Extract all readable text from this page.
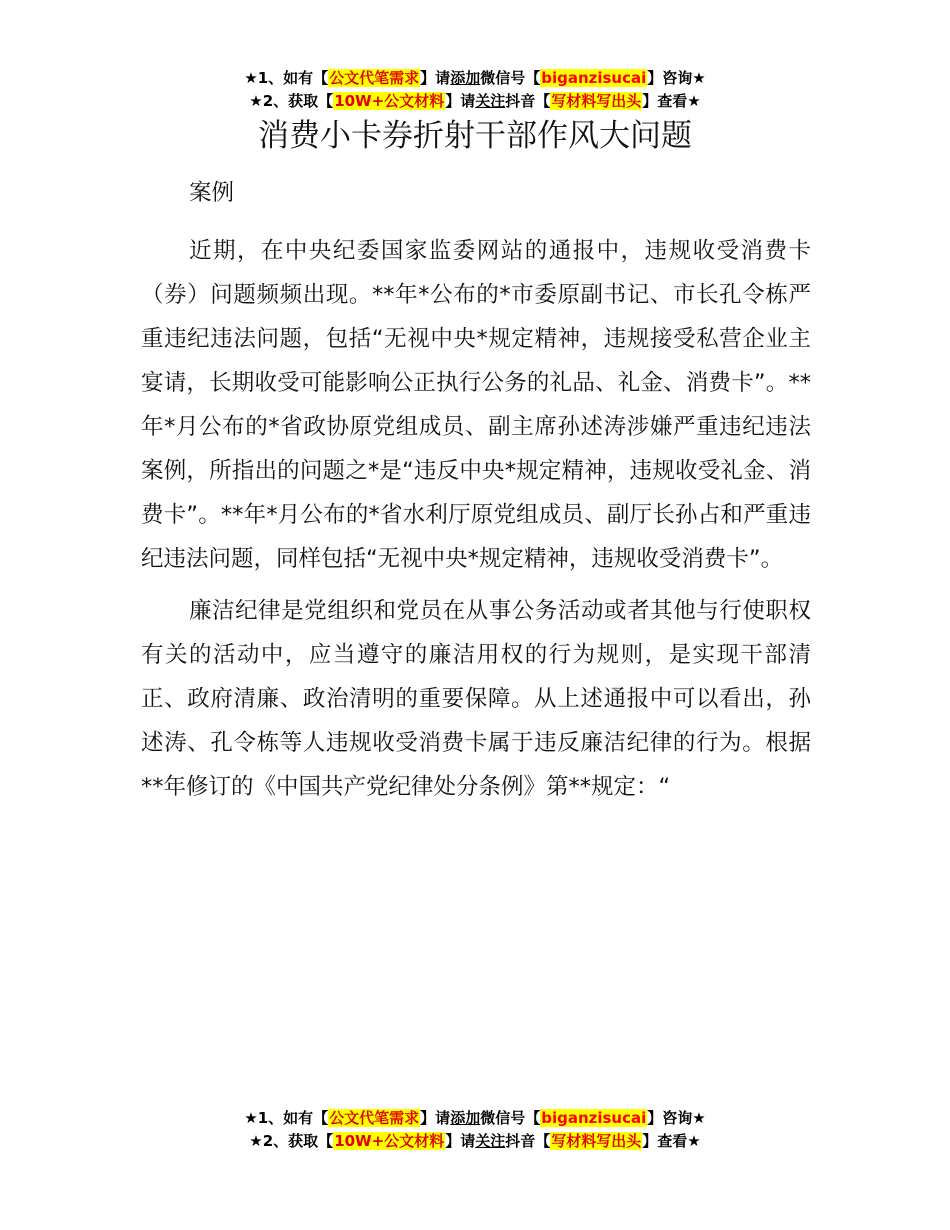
★1、如有【公文代笔需求】请添加微信号【biganzisucai】咨询★
★2、获取【10W+公文材料】请关注抖音【写材料写出头】查看★
消费小卡券折射干部作风大问题

案例

近期，在中央纪委国家监委网站的通报中，违规收受消费卡（券）问题频频出现。**年*公布的*市委原副书记、市长孔令栋严重违纪违法问题，包括“无视中央*规定精神，违规接受私营企业主宴请，长期收受可能影响公正执行公务的礼品、礼金、消费卡”。**年*月公布的*省政协原党组成员、副主席孙述涛涉嫌严重违纪违法案例，所指出的问题之*是“违反中央*规定精神，违规收受礼金、消费卡”。**年*月公布的*省水利厅原党组成员、副厅长孙占和严重违纪违法问题，同样包括“无视中央*规定精神，违规收受消费卡”。

廉洁纪律是党组织和党员在从事公务活动或者其他与行使职权有关的活动中，应当遵守的廉洁用权的行为规则，是实现干部清正、政府清廉、政治清明的重要保障。从上述通报中可以看出，孙述涛、孔令栋等人违规收受消费卡属于违反廉洁纪律的行为。根据**年修订的《中国共产党纪律处分条例》第**规定：“

★1、如有【公文代笔需求】请添加微信号【biganzisucai】咨询★
★2、获取【10W+公文材料】请关注抖音【写材料写出头】查看★
